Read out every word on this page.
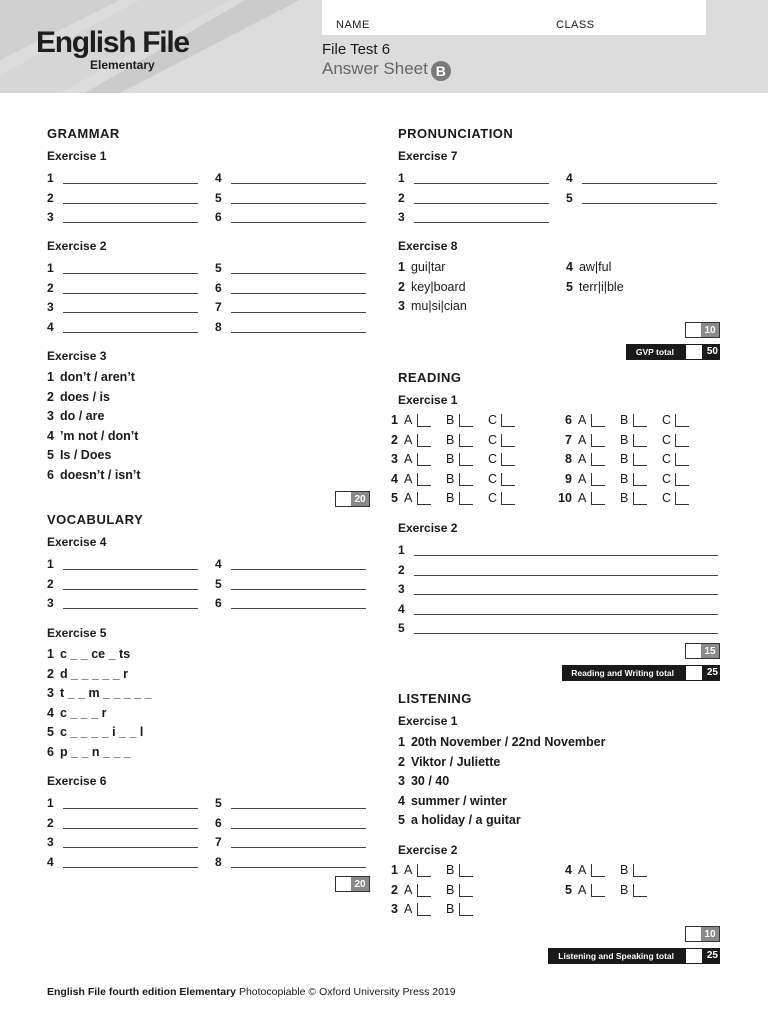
English File
Elementary
NAME	CLASS
File Test 6
Answer Sheet B
GRAMMAR
Exercise 1
1
2
3
4
5
6
Exercise 2
1
2
3
4
5
6
7
8
Exercise 3
1 don’t / aren’t
2 does / is
3 do / are
4 ’m not / don’t
5 Is / Does
6 doesn’t / isn’t
20
VOCABULARY
Exercise 4
1
2
3
4
5
6
Exercise 5
1 c _ _ ce _ ts
2 d _ _ _ _ _ r
3 t _ _ m _ _ _ _ _
4 c _ _ _ r
5 c _ _ _ _ i _ _ l
6 p _ _ n _ _ _
Exercise 6
1
2
3
4
5
6
7
8
20
PRONUNCIATION
Exercise 7
1
2
3
4
5
Exercise 8
1 gui|tar
2 key|board
3 mu|si|cian
4 aw|ful
5 terr|i|ble
10
GVP total	50
READING
Exercise 1
1 A	B	C
2 A	B	C
3 A	B	C
4 A	B	C
5 A	B	C
6 A	B	C
7 A	B	C
8 A	B	C
9 A	B	C
10 A	B	C
Exercise 2
1
2
3
4
5
15
Reading and Writing total	25
LISTENING
Exercise 1
1 20th November / 22nd November
2 Viktor / Juliette
3 30 / 40
4 summer / winter
5 a holiday / a guitar
Exercise 2
1 A	B
2 A	B
3 A	B
4 A	B
5 A	B
10
Listening and Speaking total	25
English File fourth edition Elementary Photocopiable © Oxford University Press 2019
